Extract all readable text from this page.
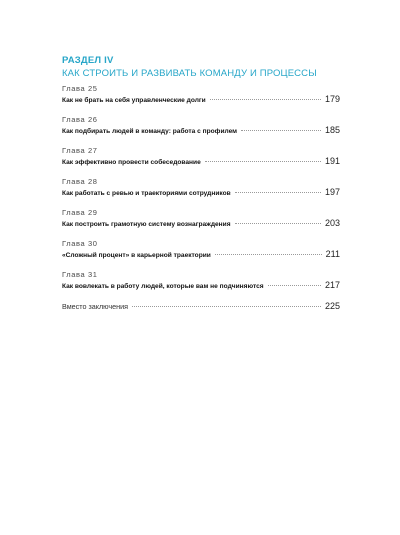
РАЗДЕЛ IV
КАК СТРОИТЬ И РАЗВИВАТЬ КОМАНДУ И ПРОЦЕССЫ
Глава 25
Как не брать на себя управленческие долги	179
Глава 26
Как подбирать людей в команду: работа с профилем	185
Глава 27
Как эффективно провести собеседование	191
Глава 28
Как работать с ревью и траекториями сотрудников	197
Глава 29
Как построить грамотную систему вознаграждения	203
Глава 30
«Сложный процент» в карьерной траектории	211
Глава 31
Как вовлекать в работу людей, которые вам не подчиняются	217
Вместо заключения	225
